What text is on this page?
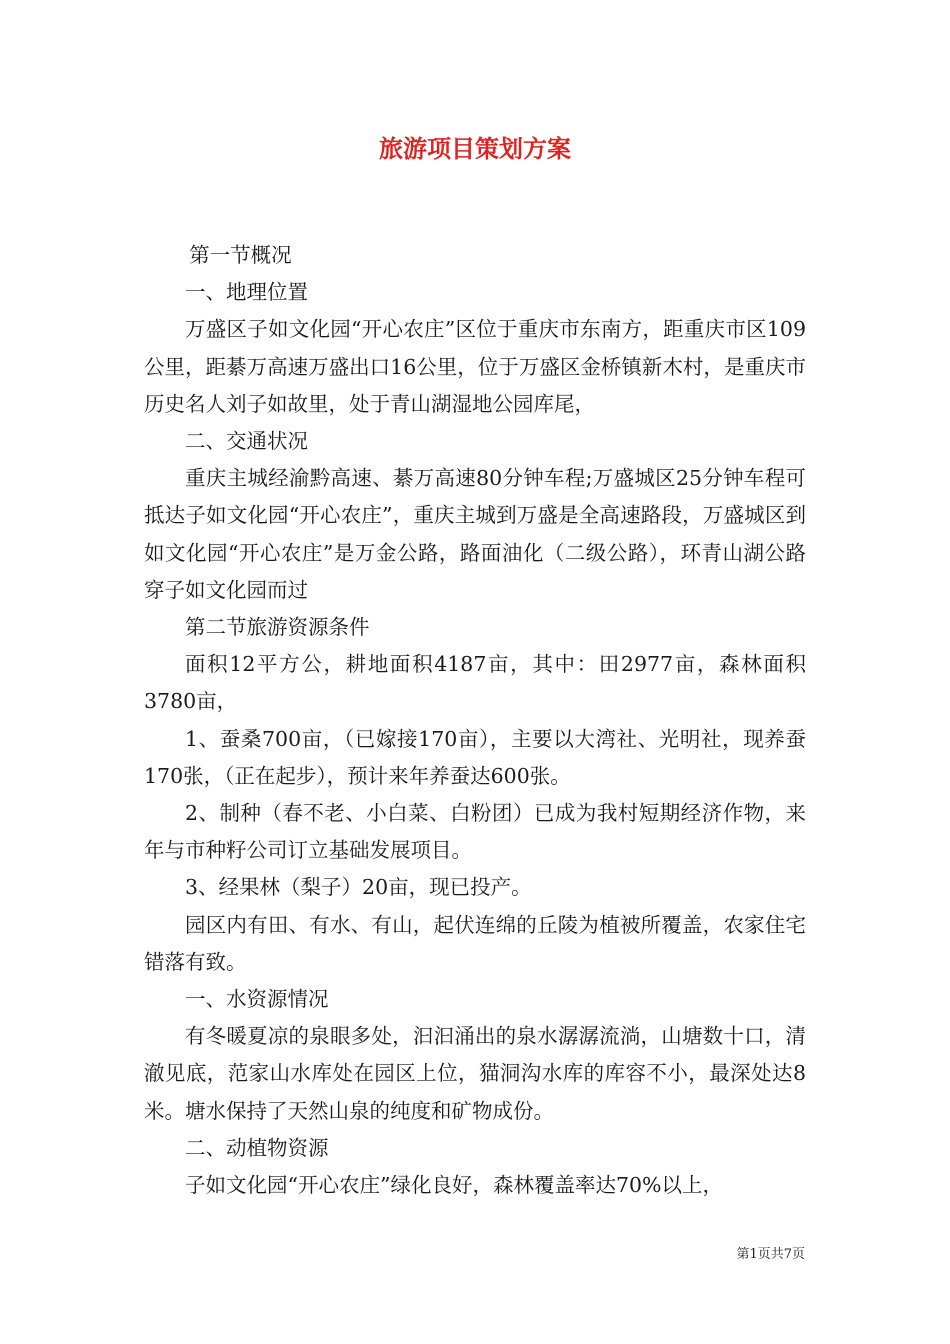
旅游项目策划方案

第一节概况

一、地理位置

万盛区子如文化园“开心农庄”区位于重庆市东南方，距重庆市区109公里，距綦万高速万盛出口16公里，位于万盛区金桥镇新木村，是重庆市历史名人刘子如故里，处于青山湖湿地公园库尾，

二、交通状况

重庆主城经渝黔高速、綦万高速80分钟车程;万盛城区25分钟车程可抵达子如文化园“开心农庄”，重庆主城到万盛是全高速路段，万盛城区到如文化园“开心农庄”是万金公路，路面油化（二级公路），环青山湖公路穿子如文化园而过

第二节旅游资源条件

面积12平方公，耕地面积4187亩，其中：田2977亩，森林面积3780亩，

1、蚕桑700亩，（已嫁接170亩），主要以大湾社、光明社，现养蚕170张，（正在起步），预计来年养蚕达600张。

2、制种（春不老、小白菜、白粉团）已成为我村短期经济作物，来年与市种籽公司订立基础发展项目。

3、经果林（梨子）20亩，现已投产。

园区内有田、有水、有山，起伏连绵的丘陵为植被所覆盖，农家住宅错落有致。

一、水资源情况

有冬暖夏凉的泉眼多处，汩汩涌出的泉水潺潺流淌，山塘数十口，清澈见底，范家山水库处在园区上位，猫洞沟水库的库容不小，最深处达8米。塘水保持了天然山泉的纯度和矿物成份。

二、动植物资源

子如文化园“开心农庄”绿化良好，森林覆盖率达70%以上，

第1页共7页
